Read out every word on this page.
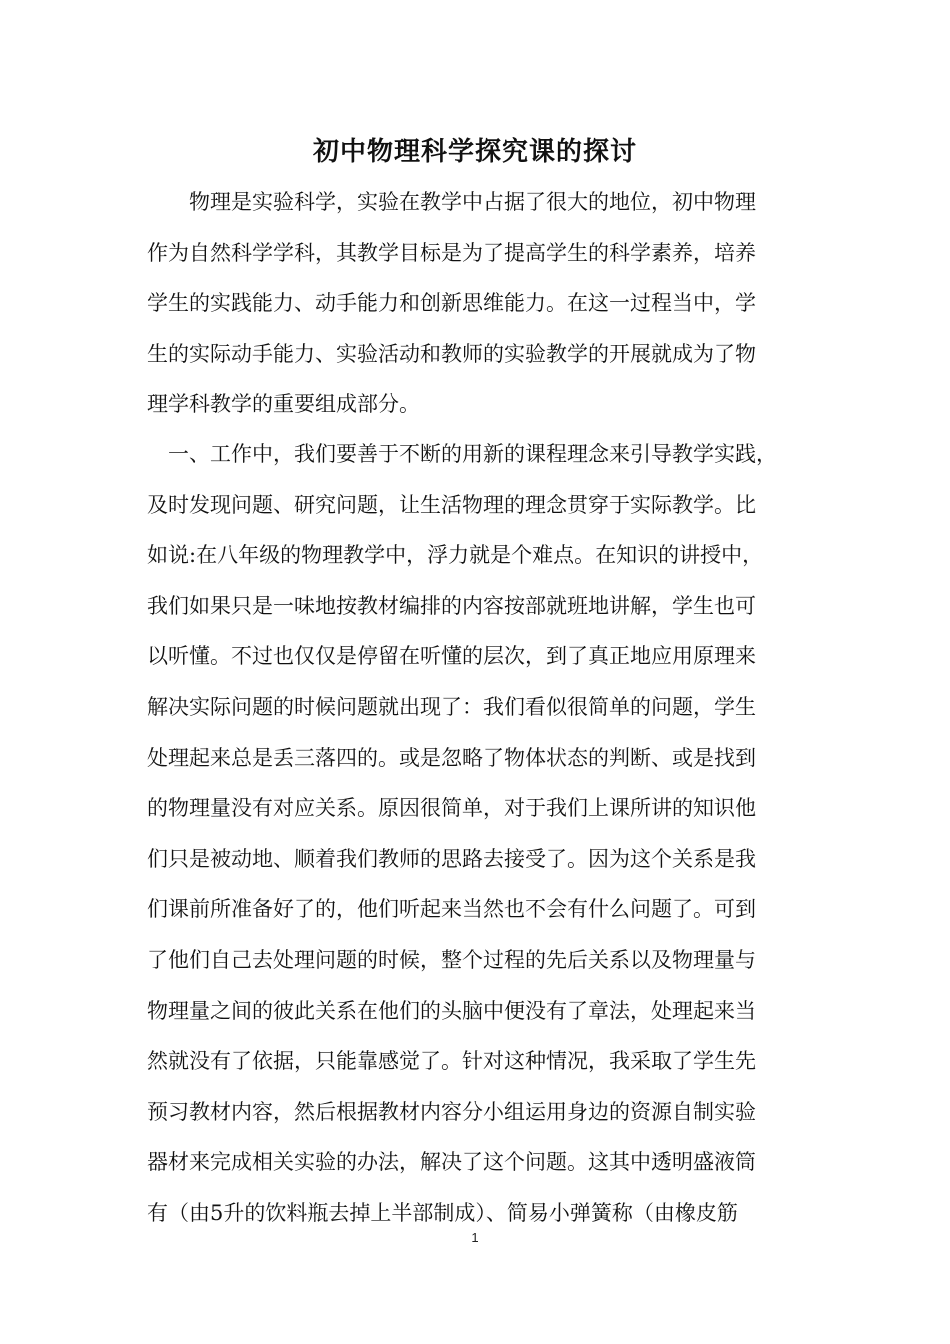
初中物理科学探究课的探讨
物理是实验科学，实验在教学中占据了很大的地位，初中物理
作为自然科学学科，其教学目标是为了提高学生的科学素养，培养
学生的实践能力、动手能力和创新思维能力。在这一过程当中，学
生的实际动手能力、实验活动和教师的实验教学的开展就成为了物
理学科教学的重要组成部分。
一、工作中，我们要善于不断的用新的课程理念来引导教学实践，
及时发现问题、研究问题，让生活物理的理念贯穿于实际教学。比
如说:在八年级的物理教学中，浮力就是个难点。在知识的讲授中，
我们如果只是一味地按教材编排的内容按部就班地讲解，学生也可
以听懂。不过也仅仅是停留在听懂的层次，到了真正地应用原理来
解决实际问题的时候问题就出现了：我们看似很简单的问题，学生
处理起来总是丢三落四的。或是忽略了物体状态的判断、或是找到
的物理量没有对应关系。原因很简单，对于我们上课所讲的知识他
们只是被动地、顺着我们教师的思路去接受了。因为这个关系是我
们课前所准备好了的，他们听起来当然也不会有什么问题了。可到
了他们自己去处理问题的时候，整个过程的先后关系以及物理量与
物理量之间的彼此关系在他们的头脑中便没有了章法，处理起来当
然就没有了依据，只能靠感觉了。针对这种情况，我采取了学生先
预习教材内容，然后根据教材内容分小组运用身边的资源自制实验
器材来完成相关实验的办法，解决了这个问题。这其中透明盛液筒
有（由5升的饮料瓶去掉上半部制成）、简易小弹簧称（由橡皮筋
1
